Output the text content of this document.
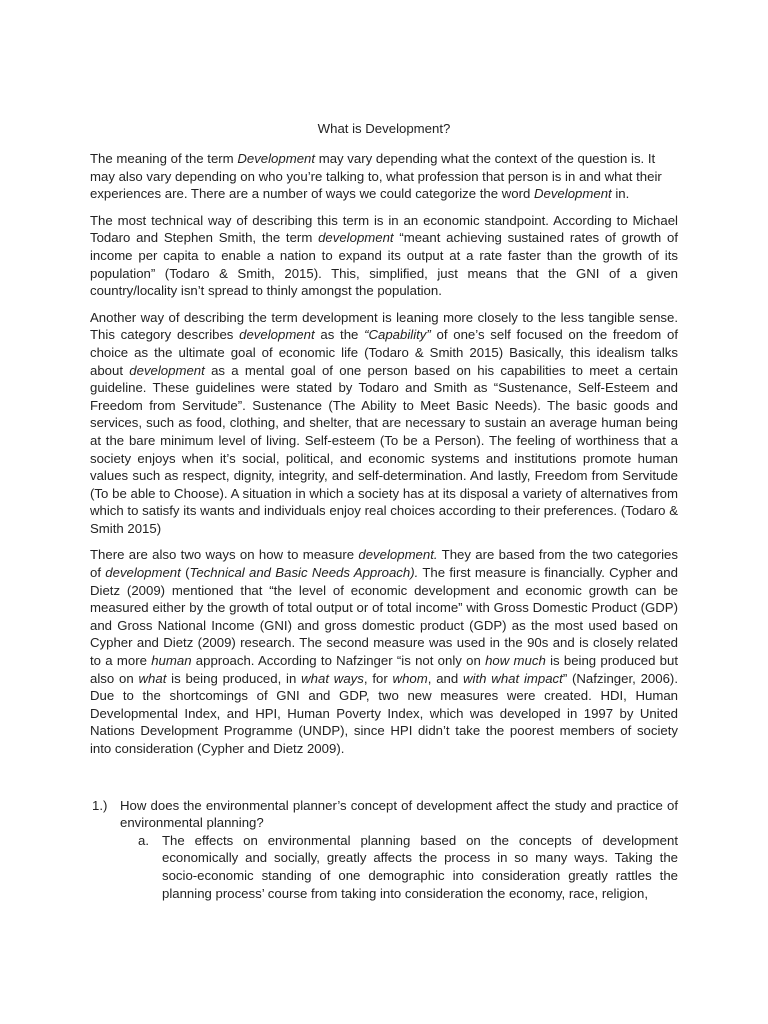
What is Development?

The meaning of the term Development may vary depending what the context of the question is. It may also vary depending on who you’re talking to, what profession that person is in and what their experiences are. There are a number of ways we could categorize the word Development in.

The most technical way of describing this term is in an economic standpoint. According to Michael Todaro and Stephen Smith, the term development “meant achieving sustained rates of growth of income per capita to enable a nation to expand its output at a rate faster than the growth of its population” (Todaro & Smith, 2015). This, simplified, just means that the GNI of a given country/locality isn’t spread to thinly amongst the population.

Another way of describing the term development is leaning more closely to the less tangible sense. This category describes development as the “Capability” of one’s self focused on the freedom of choice as the ultimate goal of economic life (Todaro & Smith 2015) Basically, this idealism talks about development as a mental goal of one person based on his capabilities to meet a certain guideline. These guidelines were stated by Todaro and Smith as “Sustenance, Self-Esteem and Freedom from Servitude”. Sustenance (The Ability to Meet Basic Needs). The basic goods and services, such as food, clothing, and shelter, that are necessary to sustain an average human being at the bare minimum level of living. Self-esteem (To be a Person). The feeling of worthiness that a society enjoys when it’s social, political, and economic systems and institutions promote human values such as respect, dignity, integrity, and self-determination. And lastly, Freedom from Servitude (To be able to Choose). A situation in which a society has at its disposal a variety of alternatives from which to satisfy its wants and individuals enjoy real choices according to their preferences. (Todaro & Smith 2015)

There are also two ways on how to measure development. They are based from the two categories of development (Technical and Basic Needs Approach). The first measure is financially. Cypher and Dietz (2009) mentioned that “the level of economic development and economic growth can be measured either by the growth of total output or of total income” with Gross Domestic Product (GDP) and Gross National Income (GNI) and gross domestic product (GDP) as the most used based on Cypher and Dietz (2009) research. The second measure was used in the 90s and is closely related to a more human approach. According to Nafzinger “is not only on how much is being produced but also on what is being produced, in what ways, for whom, and with what impact” (Nafzinger, 2006). Due to the shortcomings of GNI and GDP, two new measures were created. HDI, Human Developmental Index, and HPI, Human Poverty Index, which was developed in 1997 by United Nations Development Programme (UNDP), since HPI didn’t take the poorest members of society into consideration (Cypher and Dietz 2009).

1.) How does the environmental planner’s concept of development affect the study and practice of environmental planning?
a. The effects on environmental planning based on the concepts of development economically and socially, greatly affects the process in so many ways. Taking the socio-economic standing of one demographic into consideration greatly rattles the planning process’ course from taking into consideration the economy, race, religion,
